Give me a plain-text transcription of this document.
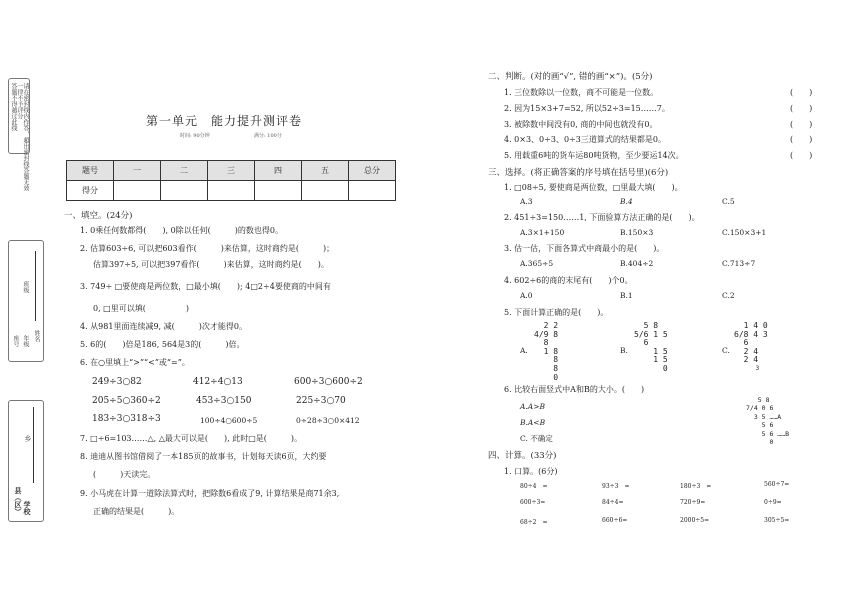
请在密封线内作答，超出密封线答题无效
一律不予评分
答题不得越过此线
班级
座号 年级 姓名
县（区） 学校
乡
第一单元　能力提升测评卷
时间: 90分钟	满分: 100分
题号	一	二	三	四	五	总分
得分						
一、填空。(24分)
1. 0乘任何数都得(　　), 0除以任何(　　　)的数也得0。
2. 估算603÷6, 可以把603看作(　　　)来估算，这时商约是(　　　)；
估算397÷5, 可以把397看作(　　　)来估算，这时商约是(　　)。
3. 749÷ □要使商是两位数，□最小填(　　); 4□2÷4要使商的中间有
0, □里可以填(　　　　　)
4. 从981里面连续减9, 减(　　　)次才能得0。
5. 6的(　　)倍是186, 564是3的(　　　)倍。
6. 在○里填上“>”“<”或“=”。
249÷3○82	412÷4○13	600÷3○600÷2
205÷5○360÷2	453÷3○150	225÷3○70
183÷3○318÷3	100÷4○600÷5	0÷28÷3○0×412
7. □÷6=103……△, △最大可以是(　　), 此时□是(　　　)。
8. 迪迪从图书馆借阅了一本185页的故事书，计划每天读6页，大约要
(　　　)天读完。
9. 小马虎在计算一道除法算式时，把除数6看成了9, 计算结果是商71余3,
正确的结果是(　　　)。
二、判断。(对的画“√”, 错的画“×”)。(5分)
1. 三位数除以一位数，商不可能是一位数。
2. 因为15×3+7=52, 所以52÷3=15……7。
3. 被除数中间没有0, 商的中间也就没有0。
4. 0×3、0÷3、0÷3三道算式的结果都是0。
5. 用载重6吨的货车运80吨货物，至少要运14次。
(　　)
(　　)
(　　)
(　　)
(　　)
三、选择。(将正确答案的序号填在括号里)(6分)
1. □08÷5, 要使商是两位数，□里最大填(　　)。
A.3	B.4	C.5
2. 451÷3=150……1, 下面验算方法正确的是(　　)。
A.3×1+150	B.150×3	C.150×3+1
3. 估一估，下面各算式中商最小的是(　　)。
A.365÷5	B.404÷2	C.713÷7
4. 602÷6的商的末尾有(　　)个0。
A.0	B.1	C.2
5. 下面计算正确的是(　　)。
A.	B.	C.
2 2
4/9 8
8
1 8
8
8
0
5 8
5/6 1 5
6
1 5
1 5
0
1 4 0
6/8 4 3
6
2 4
2 4
3
6. 比较右面竖式中A和B的大小。(　　)
A.A>B
B.A<B
C. 不确定
5 8
7/4 0 6
3 5 ……A
5 6
5 6 ……B
0
四、计算。(33分)
1. 口算。(6分)
80÷4　=	93÷3　=	180÷3　=	560÷7=
600÷3=	84÷4=	720÷9=	0÷9=
68÷2　=	660÷6=	2000÷5=	305÷5=
